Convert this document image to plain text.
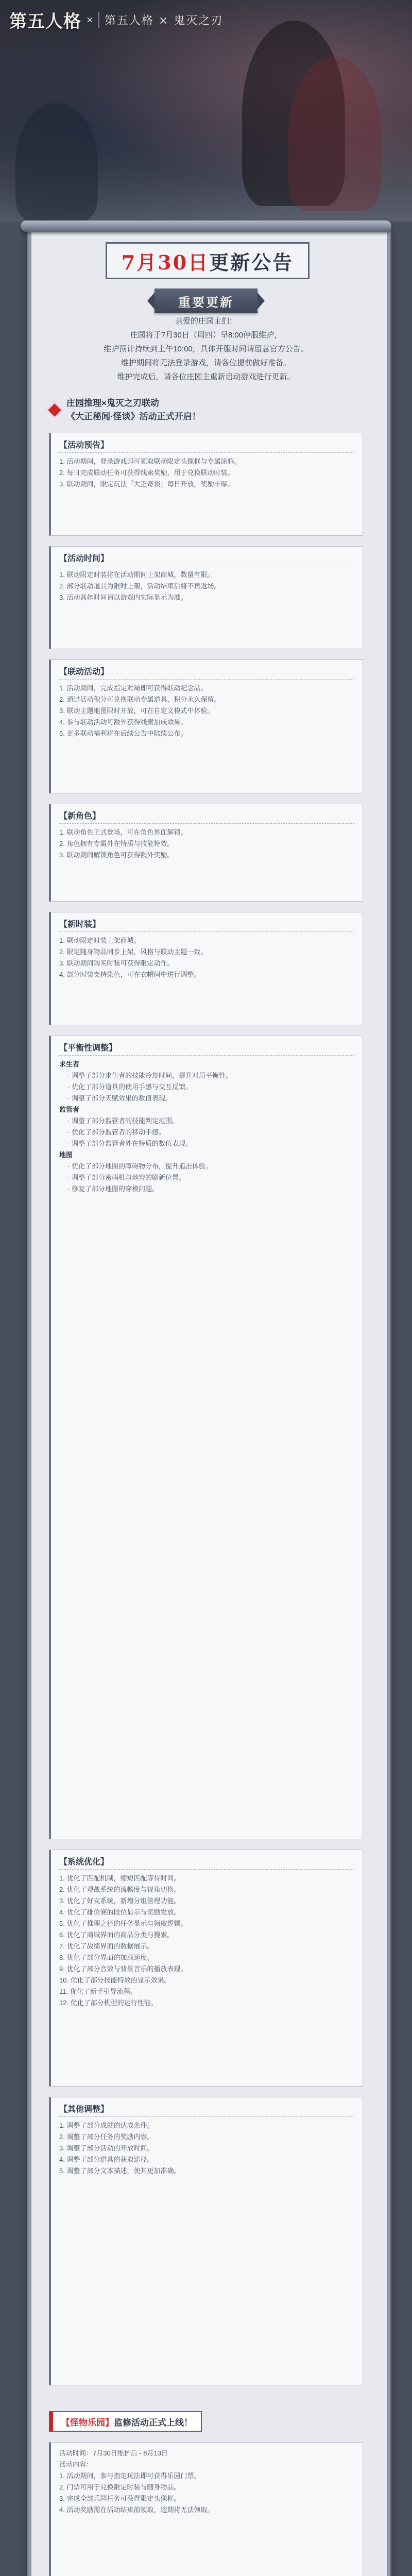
第五人格 ×	第五人格 × 鬼灭之刃
7月30日 更新公告
重要更新
亲爱的庄园主们：
庄园将于7月30日（周四）早8:00停服维护，
维护预计持续到上午10:00，具体开服时间请留意官方公告。
维护期间将无法登录游戏，请各位提前做好准备。
维护完成后，请各位庄园主重新启动游戏进行更新。
庄园推理×鬼灭之刃联动
《大正秘闻·怪谈》活动正式开启！
【活动预告】

1. 活动期间，登录游戏即可领取联动限定头像框与专属涂鸦。

2. 每日完成联动任务可获得线索奖励，用于兑换联动时装。

3. 联动期间，限定玩法『大正奇谈』每日开放，奖励丰厚。

【活动时间】

1. 联动限定时装将在活动期间上架商城，数量有限。

2. 部分联动道具为限时上架，活动结束后将不再返场。

3. 活动具体时间请以游戏内实际显示为准。

【联动活动】

1. 活动期间，完成指定对局即可获得联动纪念品。

2. 通过活动积分可兑换联动专属道具，积分永久保留。

3. 联动主题地图限时开放，可在自定义模式中体验。

4. 参与联动活动可额外获得线索加成效果。

5. 更多联动福利将在后续公告中陆续公布。

【新角色】

1. 联动角色正式登场，可在角色界面解锁。

2. 角色拥有专属外在特质与技能特效。

3. 联动期间解锁角色可获得额外奖励。

【新时装】

1. 联动限定时装上架商城。

2. 限定随身物品同步上架，风格与联动主题一致。

3. 联动期间购买时装可获得限定动作。

4. 部分时装支持染色，可在衣帽间中进行调整。

【平衡性调整】

求生者

· 调整了部分求生者的技能冷却时间，提升对局平衡性。

· 优化了部分道具的使用手感与交互反馈。

· 调整了部分天赋效果的数值表现。

监管者

· 调整了部分监管者的技能判定范围。

· 优化了部分监管者的移动手感。

· 调整了部分监管者外在特质的数值表现。

地图

· 优化了部分地图的障碍物分布，提升追击体验。

· 调整了部分密码机与地窖的刷新位置。

· 修复了部分地图的穿模问题。

【系统优化】

1. 优化了匹配机制，缩短匹配等待时间。

2. 优化了观战系统的流畅度与视角切换。

3. 优化了好友系统，新增分组管理功能。

4. 优化了排位赛的段位显示与奖励发放。

5. 优化了推理之径的任务显示与领取逻辑。

6. 优化了商城界面的商品分类与搜索。

7. 优化了战绩界面的数据展示。

8. 优化了部分界面的加载速度。

9. 优化了部分音效与背景音乐的播放表现。

10. 优化了部分技能特效的显示效果。

11. 优化了新手引导流程。

12. 优化了部分机型的运行性能。

【其他调整】

1. 调整了部分成就的达成条件。

2. 调整了部分任务的奖励内容。

3. 调整了部分活动的开放时间。

4. 调整了部分道具的获取途径。

5. 调整了部分文本描述，使其更加准确。

【怪物乐园】 监修活动正式上线！

活动时间：7月30日维护后 - 8月13日

活动内容：

1. 活动期间，参与指定玩法即可获得乐园门票。

2. 门票可用于兑换限定时装与随身物品。

3. 完成全部乐园任务可获得限定头像框。

4. 活动奖励需在活动结束前领取，逾期将无法领取。
